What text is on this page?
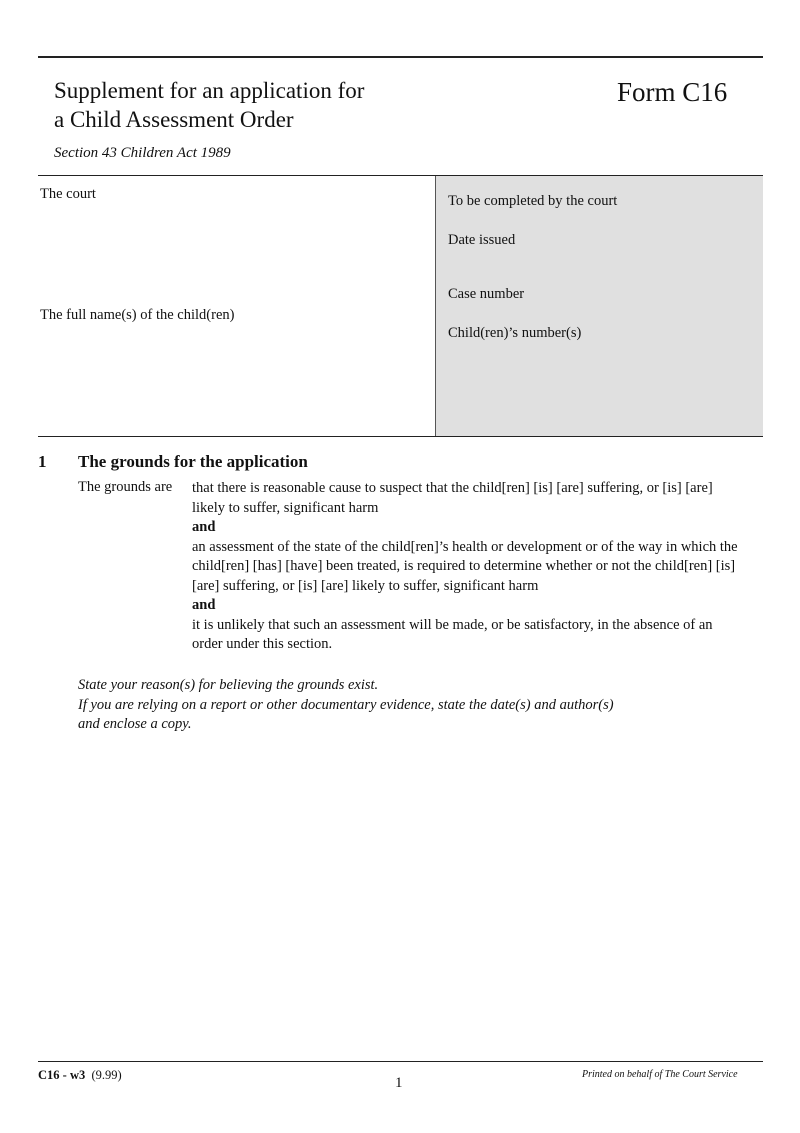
Supplement for an application for
a Child Assessment Order
Form C16
Section 43 Children Act 1989
The court
The full name(s) of the child(ren)
To be completed by the court
Date issued
Case number
Child(ren)’s number(s)
1 The grounds for the application
The grounds are that there is reasonable cause to suspect that the child[ren] [is] [are] suffering, or [is] [are] likely to suffer, significant harm
and
an assessment of the state of the child[ren]’s health or development or of the way in which the child[ren] [has] [have] been treated, is required to determine whether or not the child[ren] [is] [are] suffering, or [is] [are] likely to suffer, significant harm
and
it is unlikely that such an assessment will be made, or be satisfactory, in the absence of an order under this section.
State your reason(s) for believing the grounds exist.
If you are relying on a report or other documentary evidence, state the date(s) and author(s)
and enclose a copy.
C16 - w3 (9.99)	1
Printed on behalf of The Court Service
